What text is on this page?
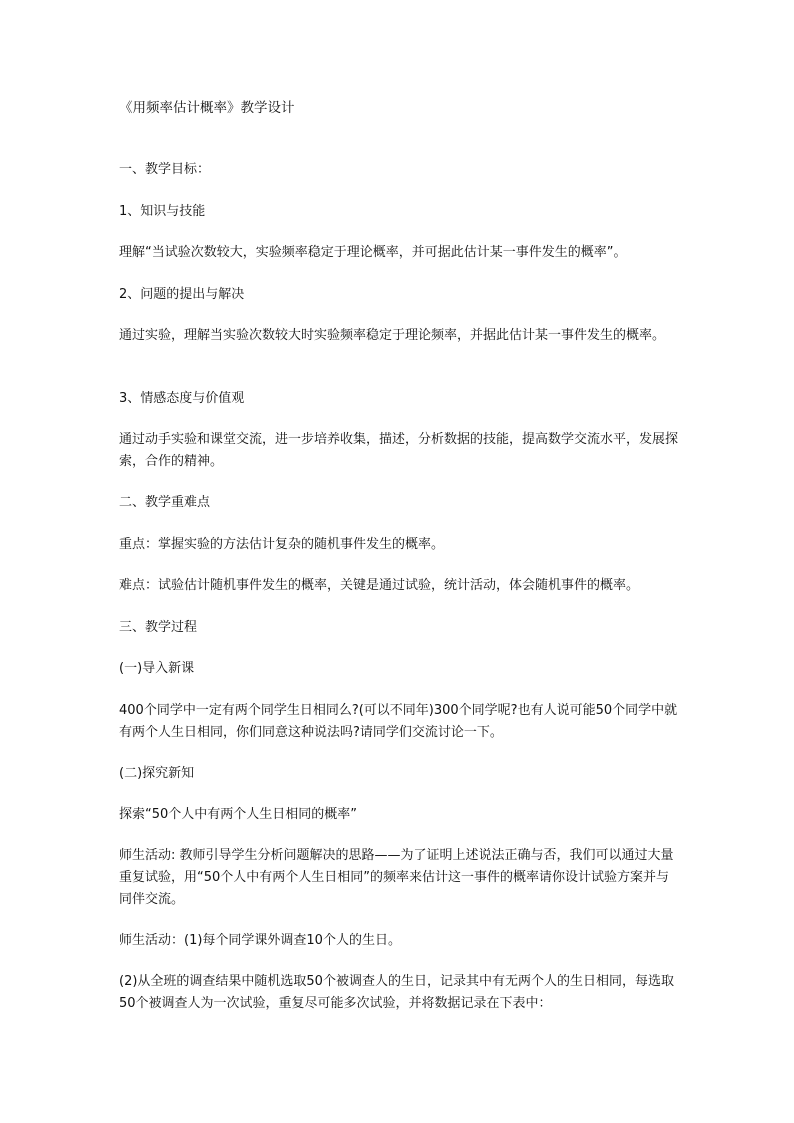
《用频率估计概率》教学设计
一、教学目标：
1、知识与技能
理解“当试验次数较大，实验频率稳定于理论概率，并可据此估计某一事件发生的概率”。
2、问题的提出与解决
通过实验，理解当实验次数较大时实验频率稳定于理论频率，并据此估计某一事件发生的概率。
3、情感态度与价值观
通过动手实验和课堂交流，进一步培养收集，描述，分析数据的技能，提高数学交流水平，发展探索，合作的精神。
二、教学重难点
重点：掌握实验的方法估计复杂的随机事件发生的概率。
难点：试验估计随机事件发生的概率，关键是通过试验，统计活动，体会随机事件的概率。
三、教学过程
(一)导入新课
400个同学中一定有两个同学生日相同么?(可以不同年)300个同学呢?也有人说可能50个同学中就有两个人生日相同，你们同意这种说法吗?请同学们交流讨论一下。
(二)探究新知
探索“50个人中有两个人生日相同的概率”
师生活动: 教师引导学生分析问题解决的思路——为了证明上述说法正确与否，我们可以通过大量重复试验，用“50个人中有两个人生日相同”的频率来估计这一事件的概率请你设计试验方案并与同伴交流。
师生活动：(1)每个同学课外调查10个人的生日。
(2)从全班的调查结果中随机选取50个被调查人的生日，记录其中有无两个人的生日相同，每选取50个被调查人为一次试验，重复尽可能多次试验，并将数据记录在下表中：
